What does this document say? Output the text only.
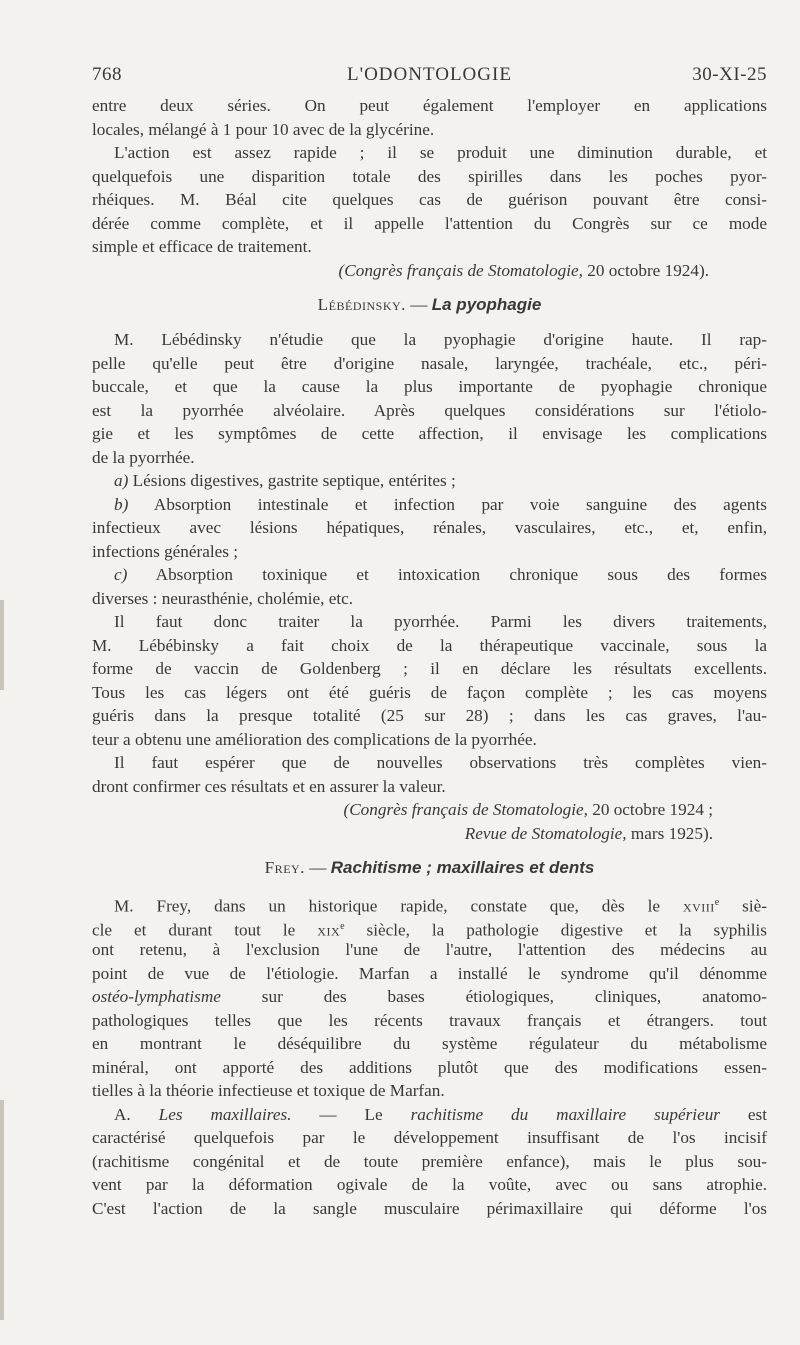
768	L'ODONTOLOGIE	30-XI-25
entre deux séries. On peut également l'employer en applications
locales, mélangé à 1 pour 10 avec de la glycérine.
L'action est assez rapide ; il se produit une diminution durable, et
quelquefois une disparition totale des spirilles dans les poches pyor-
rhéiques. M. Béal cite quelques cas de guérison pouvant être consi-
dérée comme complète, et il appelle l'attention du Congrès sur ce mode
simple et efficace de traitement.
(Congrès français de Stomatologie, 20 octobre 1924).
Lébédinsky. — La pyophagie
M. Lébédinsky n'étudie que la pyophagie d'origine haute. Il rap-
pelle qu'elle peut être d'origine nasale, laryngée, trachéale, etc., péri-
buccale, et que la cause la plus importante de pyophagie chronique
est la pyorrhée alvéolaire. Après quelques considérations sur l'étiolo-
gie et les symptômes de cette affection, il envisage les complications
de la pyorrhée.
a) Lésions digestives, gastrite septique, entérites ;
b) Absorption intestinale et infection par voie sanguine des agents
infectieux avec lésions hépatiques, rénales, vasculaires, etc., et, enfin,
infections générales ;
c) Absorption toxinique et intoxication chronique sous des formes
diverses : neurasthénie, cholémie, etc.
Il faut donc traiter la pyorrhée. Parmi les divers traitements,
M. Lébébinsky a fait choix de la thérapeutique vaccinale, sous la
forme de vaccin de Goldenberg ; il en déclare les résultats excellents.
Tous les cas légers ont été guéris de façon complète ; les cas moyens
guéris dans la presque totalité (25 sur 28) ; dans les cas graves, l'au-
teur a obtenu une amélioration des complications de la pyorrhée.
Il faut espérer que de nouvelles observations très complètes vien-
dront confirmer ces résultats et en assurer la valeur.
(Congrès français de Stomatologie, 20 octobre 1924 ;
Revue de Stomatologie, mars 1925).
Frey. — Rachitisme ; maxillaires et dents
M. Frey, dans un historique rapide, constate que, dès le xviii$^e$ siè-
cle et durant tout le xix$^e$ siècle, la pathologie digestive et la syphilis
ont retenu, à l'exclusion l'une de l'autre, l'attention des médecins au
point de vue de l'étiologie. Marfan a installé le syndrome qu'il dénomme
ostéo-lymphatisme sur des bases étiologiques, cliniques, anatomo-
pathologiques telles que les récents travaux français et étrangers. tout
en montrant le déséquilibre du système régulateur du métabolisme
minéral, ont apporté des additions plutôt que des modifications essen-
tielles à la théorie infectieuse et toxique de Marfan.
A. Les maxillaires. — Le rachitisme du maxillaire supérieur est
caractérisé quelquefois par le développement insuffisant de l'os incisif
(rachitisme congénital et de toute première enfance), mais le plus sou-
vent par la déformation ogivale de la voûte, avec ou sans atrophie.
C'est l'action de la sangle musculaire périmaxillaire qui déforme l'os
